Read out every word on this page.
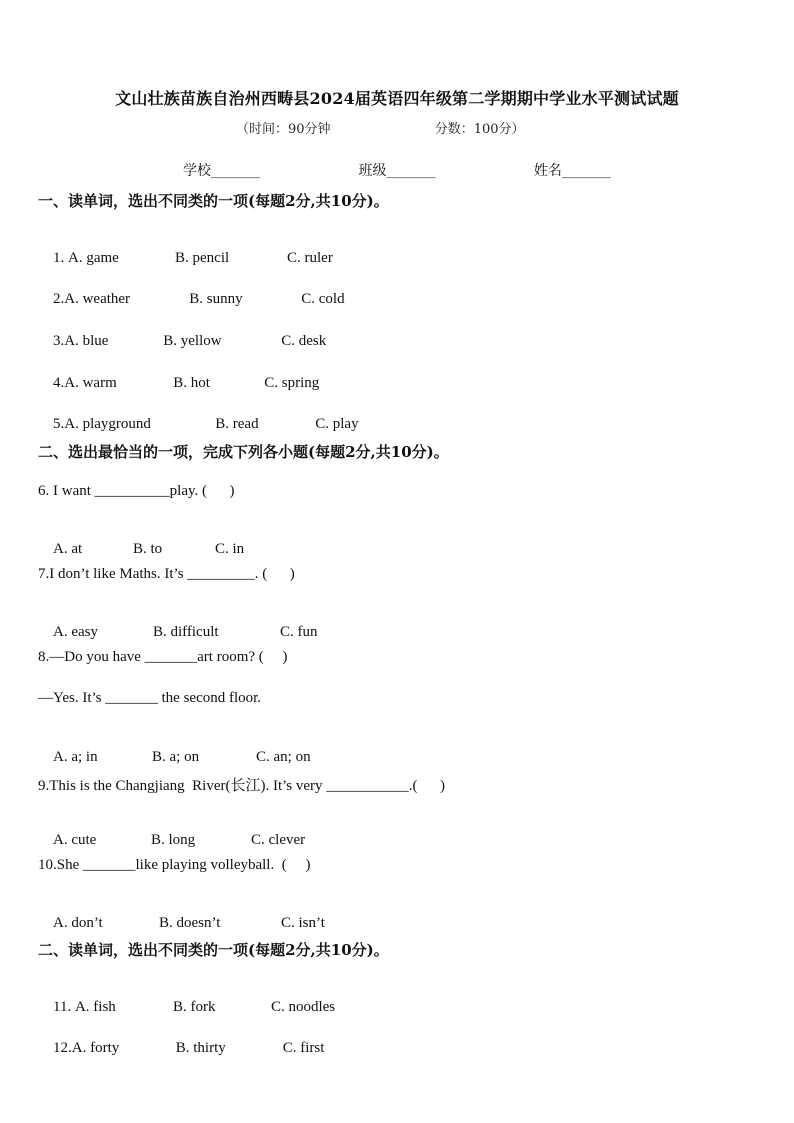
文山壮族苗族自治州西畴县2024届英语四年级第二学期期中学业水平测试试题
（时间：90分钟	分数：100分）
学校_______	班级_______	姓名_______
一、读单词，选出不同类的一项(每题2分,共10分)。

1. A. game	B. pencil	C. ruler

2.A. weather	B. sunny	C. cold

3.A. blue	B. yellow	C. desk

4.A. warm	B. hot	C. spring

5.A. playground	B. read	C. play

二、选出最恰当的一项，完成下列各小题(每题2分,共10分)。
6. I want __________play. (      )

A. at	B. to	C. in

7.I don’t like Maths. It’s _________. (      )

A. easy	B. difficult	C. fun

8.—Do you have _______art room? (     )
—Yes. It’s _______ the second floor.

A. a; in	B. a; on	C. an; on

9.This is the Changjiang  River(长江). It’s very ___________.(      )

A. cute	B. long	C. clever

10.She _______like playing volleyball.  (     )

A. don’t	B. doesn’t	C. isn’t

二、读单词，选出不同类的一项(每题2分,共10分)。

11. A. fish	B. fork	C. noodles

12.A. forty	B. thirty	C. first
